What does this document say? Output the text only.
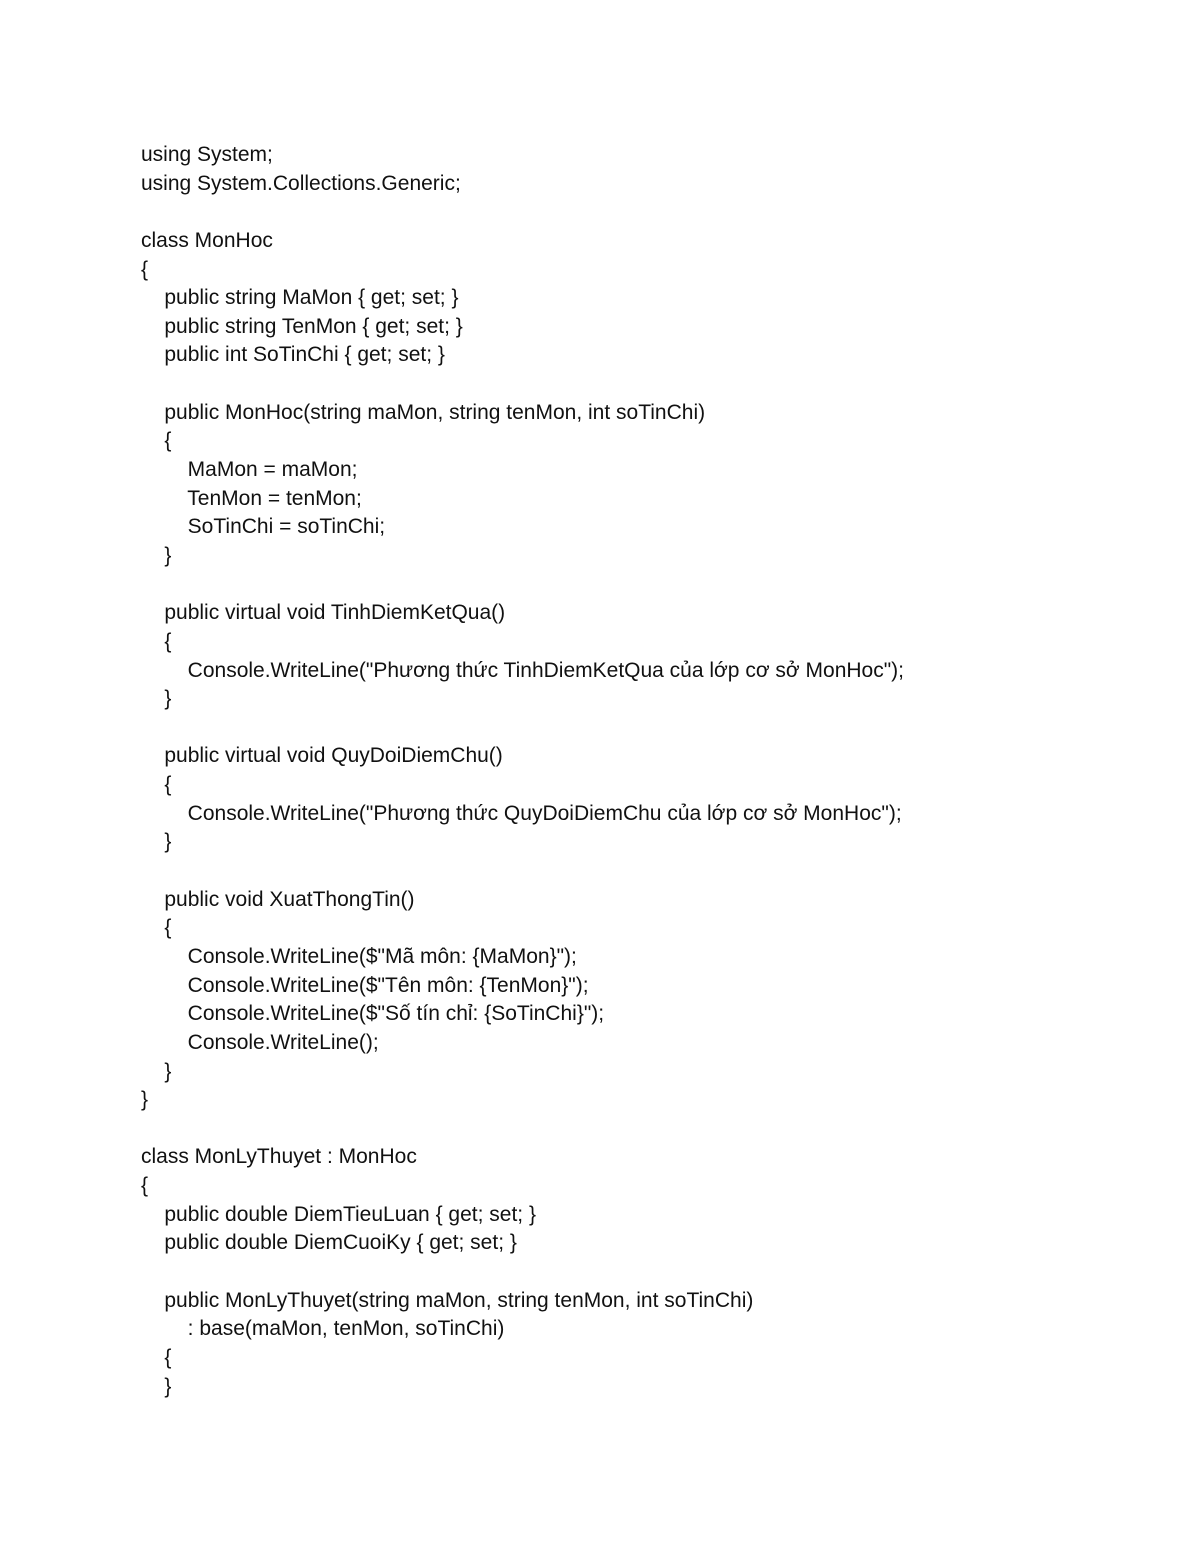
using System;
using System.Collections.Generic;
class MonHoc
{
public string MaMon { get; set; }
public string TenMon { get; set; }
public int SoTinChi { get; set; }
public MonHoc(string maMon, string tenMon, int soTinChi)
{
MaMon = maMon;
TenMon = tenMon;
SoTinChi = soTinChi;
}
public virtual void TinhDiemKetQua()
{
Console.WriteLine("Phương thức TinhDiemKetQua của lớp cơ sở MonHoc");
}
public virtual void QuyDoiDiemChu()
{
Console.WriteLine("Phương thức QuyDoiDiemChu của lớp cơ sở MonHoc");
}
public void XuatThongTin()
{
Console.WriteLine($"Mã môn: {MaMon}");
Console.WriteLine($"Tên môn: {TenMon}");
Console.WriteLine($"Số tín chỉ: {SoTinChi}");
Console.WriteLine();
}
}
class MonLyThuyet : MonHoc
{
public double DiemTieuLuan { get; set; }
public double DiemCuoiKy { get; set; }
public MonLyThuyet(string maMon, string tenMon, int soTinChi)
: base(maMon, tenMon, soTinChi)
{
}
